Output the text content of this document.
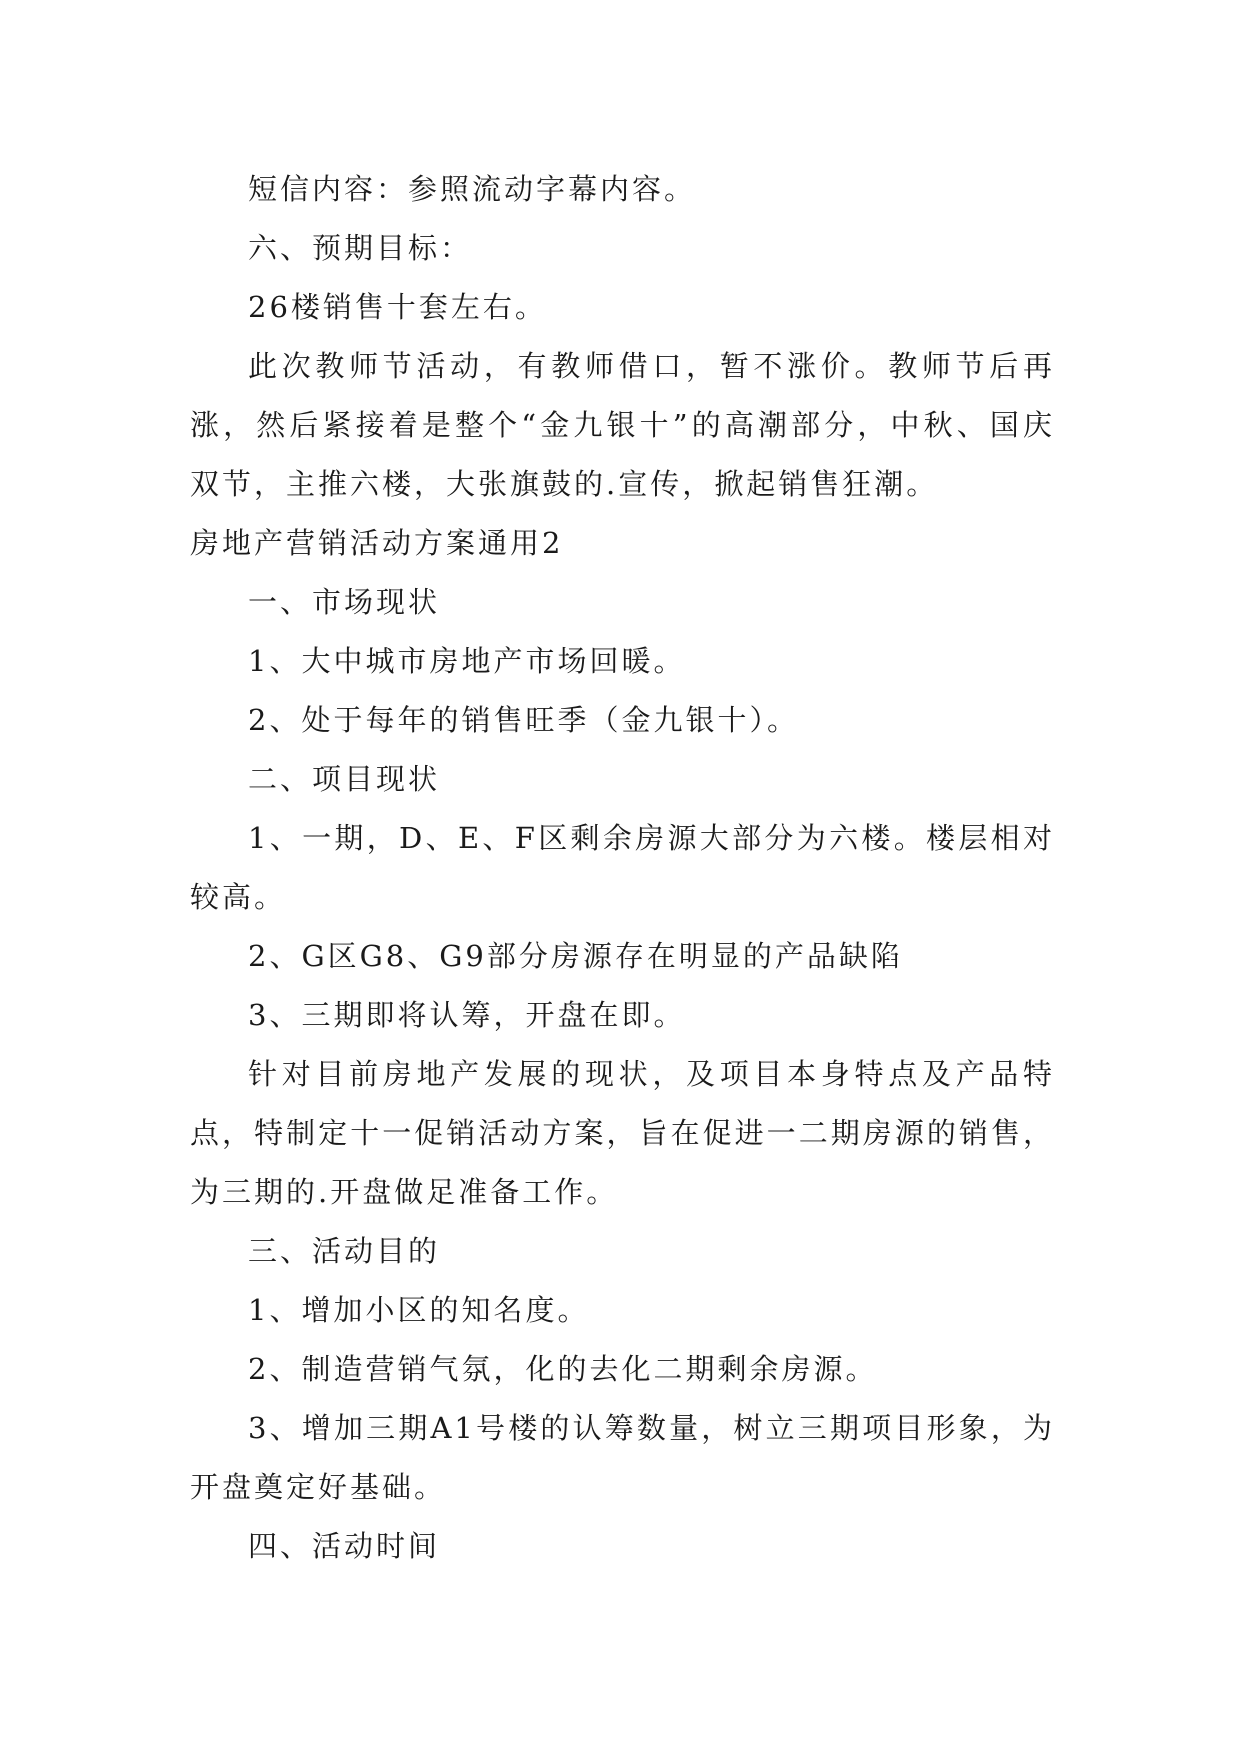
短信内容：参照流动字幕内容。

六、预期目标：

26楼销售十套左右。

此次教师节活动，有教师借口，暂不涨价。教师节后再涨，然后紧接着是整个“金九银十”的高潮部分，中秋、国庆双节，主推六楼，大张旗鼓的.宣传，掀起销售狂潮。

房地产营销活动方案通用2

一、市场现状

1、大中城市房地产市场回暖。

2、处于每年的销售旺季（金九银十）。

二、项目现状

1、一期，D、E、F区剩余房源大部分为六楼。楼层相对较高。

2、G区G8、G9部分房源存在明显的产品缺陷

3、三期即将认筹，开盘在即。

针对目前房地产发展的现状，及项目本身特点及产品特点，特制定十一促销活动方案，旨在促进一二期房源的销售，为三期的.开盘做足准备工作。

三、活动目的

1、增加小区的知名度。

2、制造营销气氛，化的去化二期剩余房源。

3、增加三期A1号楼的认筹数量，树立三期项目形象，为开盘奠定好基础。

四、活动时间
